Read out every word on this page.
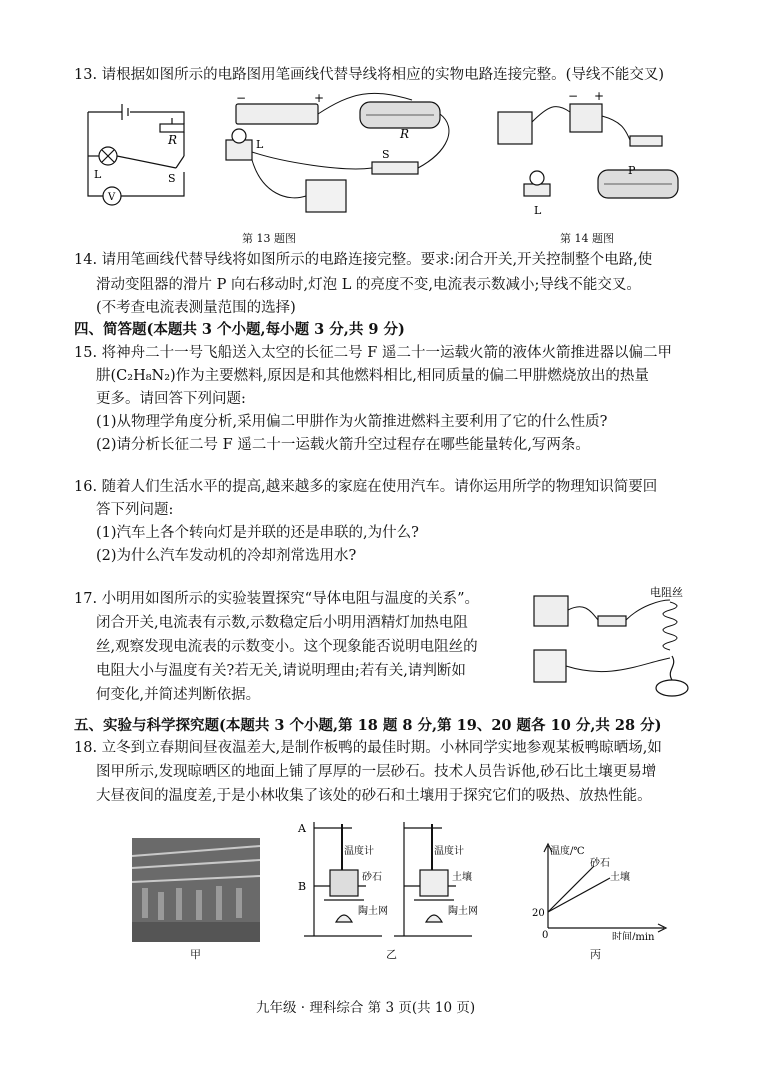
13. 请根据如图所示的电路图用笔画线代替导线将相应的实物电路连接完整。(导线不能交叉)
R
L	S
V
−	+
R
L
S
第 13 题图
− +
L
P
第 14 题图
14. 请用笔画线代替导线将如图所示的电路连接完整。要求:闭合开关,开关控制整个电路,使
滑动变阻器的滑片 P 向右移动时,灯泡 L 的亮度不变,电流表示数减小;导线不能交叉。
(不考查电流表测量范围的选择)
四、简答题(本题共 3 个小题,每小题 3 分,共 9 分)
15. 将神舟二十一号飞船送入太空的长征二号 F 遥二十一运载火箭的液体火箭推进器以偏二甲
肼(C₂H₈N₂)作为主要燃料,原因是和其他燃料相比,相同质量的偏二甲肼燃烧放出的热量
更多。请回答下列问题:
(1)从物理学角度分析,采用偏二甲肼作为火箭推进燃料主要利用了它的什么性质?
(2)请分析长征二号 F 遥二十一运载火箭升空过程存在哪些能量转化,写两条。
16. 随着人们生活水平的提高,越来越多的家庭在使用汽车。请你运用所学的物理知识简要回
答下列问题:
(1)汽车上各个转向灯是并联的还是串联的,为什么?
(2)为什么汽车发动机的冷却剂常选用水?
17. 小明用如图所示的实验装置探究“导体电阻与温度的关系”。
闭合开关,电流表有示数,示数稳定后小明用酒精灯加热电阻
丝,观察发现电流表的示数变小。这个现象能否说明电阻丝的
电阻大小与温度有关?若无关,请说明理由;若有关,请判断如
何变化,并简述判断依据。
电阻丝
五、实验与科学探究题(本题共 3 个小题,第 18 题 8 分,第 19、20 题各 10 分,共 28 分)
18. 立冬到立春期间昼夜温差大,是制作板鸭的最佳时期。小林同学实地参观某板鸭晾晒场,如
图甲所示,发现晾晒区的地面上铺了厚厚的一层砂石。技术人员告诉他,砂石比土壤更易增
大昼夜间的温度差,于是小林收集了该处的砂石和土壤用于探究它们的吸热、放热性能。
甲
A
B
温度计	温度计
砂石	土壤
陶土网	陶土网
乙
温度/℃
砂石
土壤
20
0	时间/min
丙
九年级 · 理科综合 第 3 页(共 10 页)
